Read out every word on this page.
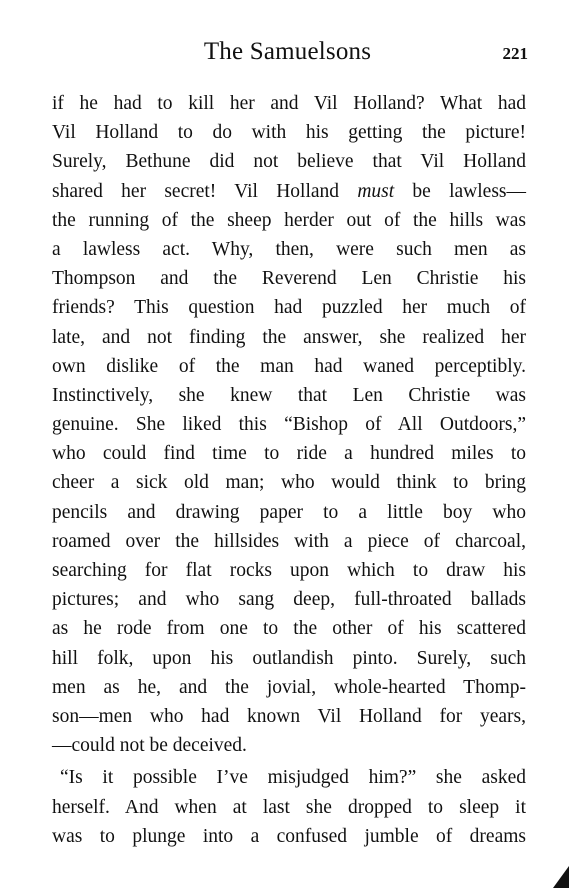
The Samuelsons	221
if he had to kill her and Vil Holland? What had
Vil Holland to do with his getting the picture!
Surely, Bethune did not believe that Vil Holland
shared her secret! Vil Holland must be lawless—
the running of the sheep herder out of the hills was
a lawless act. Why, then, were such men as
Thompson and the Reverend Len Christie his
friends? This question had puzzled her much of
late, and not finding the answer, she realized her
own dislike of the man had waned perceptibly.
Instinctively, she knew that Len Christie was
genuine. She liked this “Bishop of All Outdoors,”
who could find time to ride a hundred miles to
cheer a sick old man; who would think to bring
pencils and drawing paper to a little boy who
roamed over the hillsides with a piece of charcoal,
searching for flat rocks upon which to draw his
pictures; and who sang deep, full-throated ballads
as he rode from one to the other of his scattered
hill folk, upon his outlandish pinto. Surely, such
men as he, and the jovial, whole-hearted Thomp-
son—men who had known Vil Holland for years,
—could not be deceived.
“Is it possible I’ve misjudged him?” she asked
herself. And when at last she dropped to sleep it
was to plunge into a confused jumble of dreams
